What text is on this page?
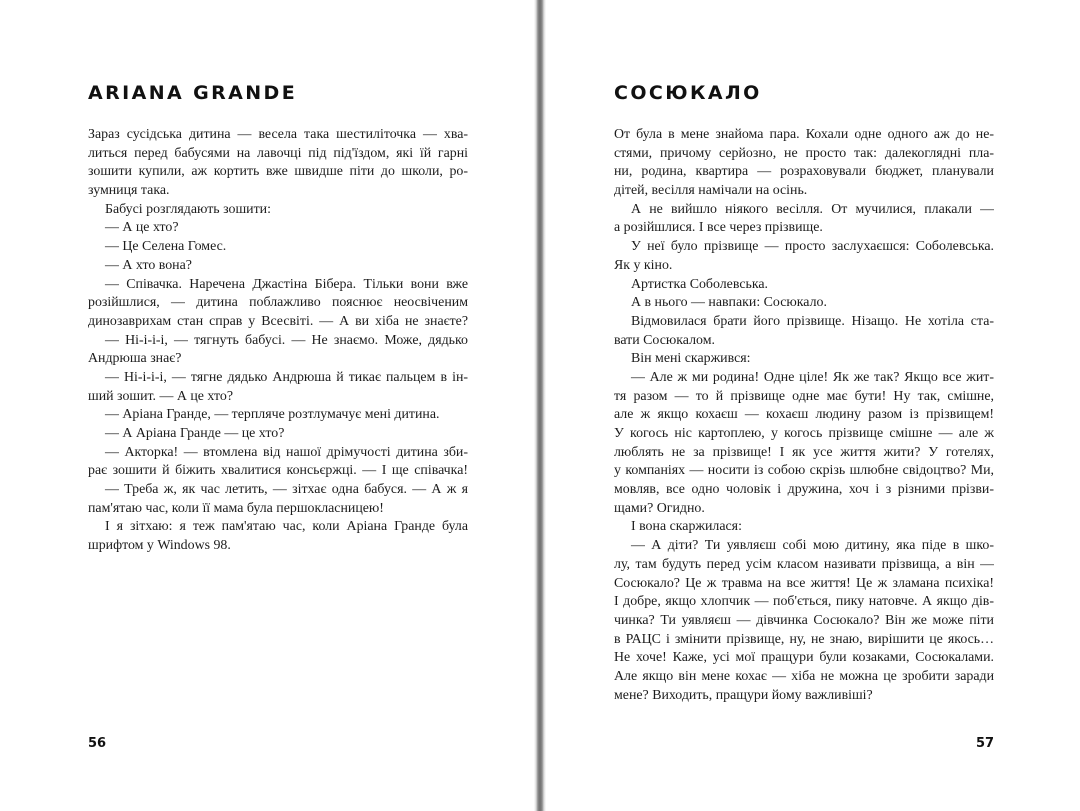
ARIANA GRANDE
Зараз сусідська дитина — весела така шестиліточка — хва-
литься перед бабусями на лавочці під під'їздом, які їй гарні
зошити купили, аж кортить вже швидше піти до школи, ро-
зумниця така.
Бабусі розглядають зошити:
— А це хто?
— Це Селена Гомес.
— А хто вона?
— Співачка. Наречена Джастіна Бібера. Тільки вони вже
розійшлися, — дитина поблажливо пояснює неосвіченим
динозаврихам стан справ у Всесвіті. — А ви хіба не знаєте?
— Ні-і-і-і, — тягнуть бабусі. — Не знаємо. Може, дядько
Андрюша знає?
— Ні-і-і-і, — тягне дядько Андрюша й тикає пальцем в ін-
ший зошит. — А це хто?
— Аріана Гранде, — терпляче розтлумачує мені дитина.
— А Аріана Гранде — це хто?
— Акторка! — втомлена від нашої дрімучості дитина зби-
рає зошити й біжить хвалитися консьєржці. — І ще співачка!
— Треба ж, як час летить, — зітхає одна бабуся. — А ж я
пам'ятаю час, коли її мама була першокласницею!
І я зітхаю: я теж пам'ятаю час, коли Аріана Гранде була
шрифтом у Windows 98.
56
СОСЮКАЛО
От була в мене знайома пара. Кохали одне одного аж до не-
стями, причому серйозно, не просто так: далекоглядні пла-
ни, родина, квартира — розраховували бюджет, планували
дітей, весілля намічали на осінь.
А не вийшло ніякого весілля. От мучилися, плакали —
а розійшлися. І все через прізвище.
У неї було прізвище — просто заслухаєшся: Соболевська.
Як у кіно.
Артистка Соболевська.
А в нього — навпаки: Сосюкало.
Відмовилася брати його прізвище. Нізащо. Не хотіла ста-
вати Сосюкалом.
Він мені скаржився:
— Але ж ми родина! Одне ціле! Як же так? Якщо все жит-
тя разом — то й прізвище одне має бути! Ну так, смішне,
але ж якщо кохаєш — кохаєш людину разом із прізвищем!
У когось ніс картоплею, у когось прізвище смішне — але ж
люблять не за прізвище! І як усе життя жити? У готелях,
у компаніях — носити із собою скрізь шлюбне свідоцтво? Ми,
мовляв, все одно чоловік і дружина, хоч і з різними прізви-
щами? Огидно.
І вона скаржилася:
— А діти? Ти уявляєш собі мою дитину, яка піде в шко-
лу, там будуть перед усім класом називати прізвища, а він —
Сосюкало? Це ж травма на все життя! Це ж зламана психіка!
І добре, якщо хлопчик — поб'ється, пику натовче. А якщо дів-
чинка? Ти уявляєш — дівчинка Сосюкало? Він же може піти
в РАЦС і змінити прізвище, ну, не знаю, вирішити це якось…
Не хоче! Каже, усі мої пращури були козаками, Сосюкалами.
Але якщо він мене кохає — хіба не можна це зробити заради
мене? Виходить, пращури йому важливіші?
57
